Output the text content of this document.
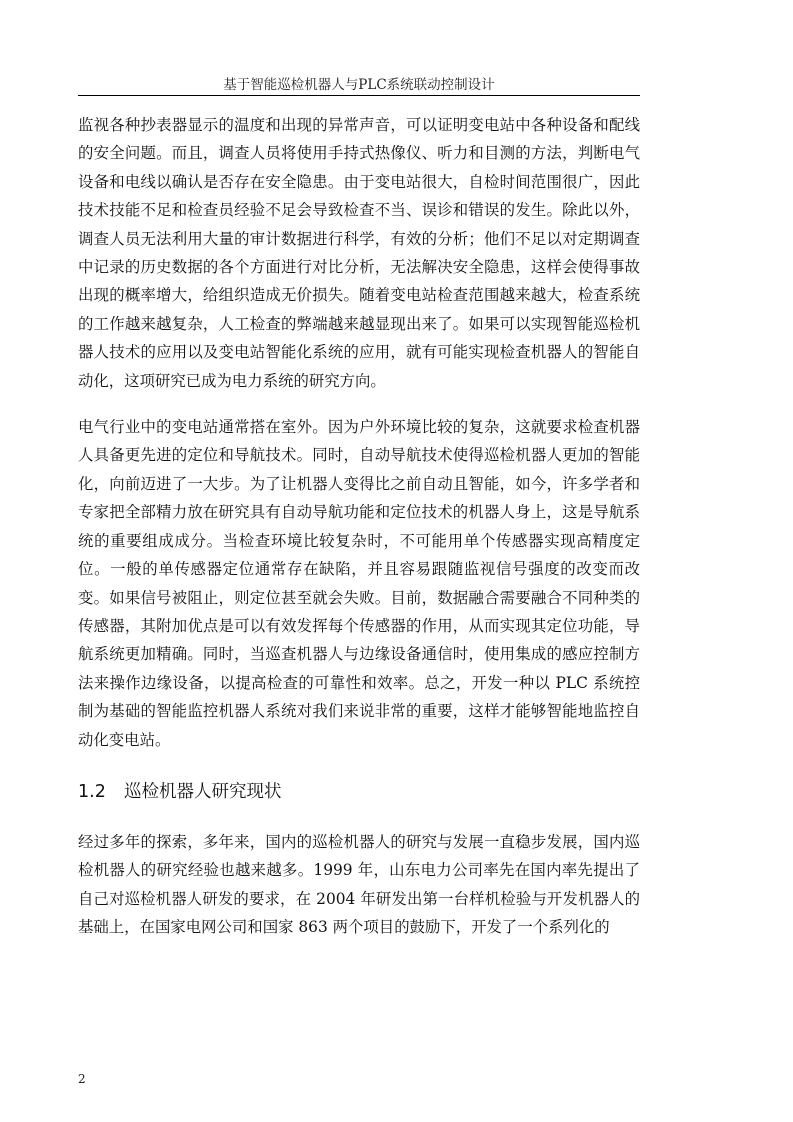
基于智能巡检机器人与PLC系统联动控制设计

监视各种抄表器显示的温度和出现的异常声音，可以证明变电站中各种设备和配线的安全问题。而且，调查人员将使用手持式热像仪、听力和目测的方法，判断电气设备和电线以确认是否存在安全隐患。由于变电站很大，自检时间范围很广，因此技术技能不足和检查员经验不足会导致检查不当、误诊和错误的发生。除此以外，调查人员无法利用大量的审计数据进行科学，有效的分析；他们不足以对定期调查中记录的历史数据的各个方面进行对比分析，无法解决安全隐患，这样会使得事故出现的概率增大，给组织造成无价损失。随着变电站检查范围越来越大，检查系统的工作越来越复杂，人工检查的弊端越来越显现出来了。如果可以实现智能巡检机器人技术的应用以及变电站智能化系统的应用，就有可能实现检查机器人的智能自动化，这项研究已成为电力系统的研究方向。

电气行业中的变电站通常搭在室外。因为户外环境比较的复杂，这就要求检查机器人具备更先进的定位和导航技术。同时，自动导航技术使得巡检机器人更加的智能化，向前迈进了一大步。为了让机器人变得比之前自动且智能，如今，许多学者和专家把全部精力放在研究具有自动导航功能和定位技术的机器人身上，这是导航系统的重要组成成分。当检查环境比较复杂时，不可能用单个传感器实现高精度定位。一般的单传感器定位通常存在缺陷，并且容易跟随监视信号强度的改变而改变。如果信号被阻止，则定位甚至就会失败。目前，数据融合需要融合不同种类的传感器，其附加优点是可以有效发挥每个传感器的作用，从而实现其定位功能，导航系统更加精确。同时，当巡查机器人与边缘设备通信时，使用集成的感应控制方法来操作边缘设备，以提高检查的可靠性和效率。总之，开发一种以 PLC 系统控制为基础的智能监控机器人系统对我们来说非常的重要，这样才能够智能地监控自动化变电站。

1.2 巡检机器人研究现状

经过多年的探索，多年来，国内的巡检机器人的研究与发展一直稳步发展，国内巡检机器人的研究经验也越来越多。1999 年，山东电力公司率先在国内率先提出了自己对巡检机器人研发的要求，在 2004 年研发出第一台样机检验与开发机器人的基础上，在国家电网公司和国家 863 两个项目的鼓励下，开发了一个系列化的

2
